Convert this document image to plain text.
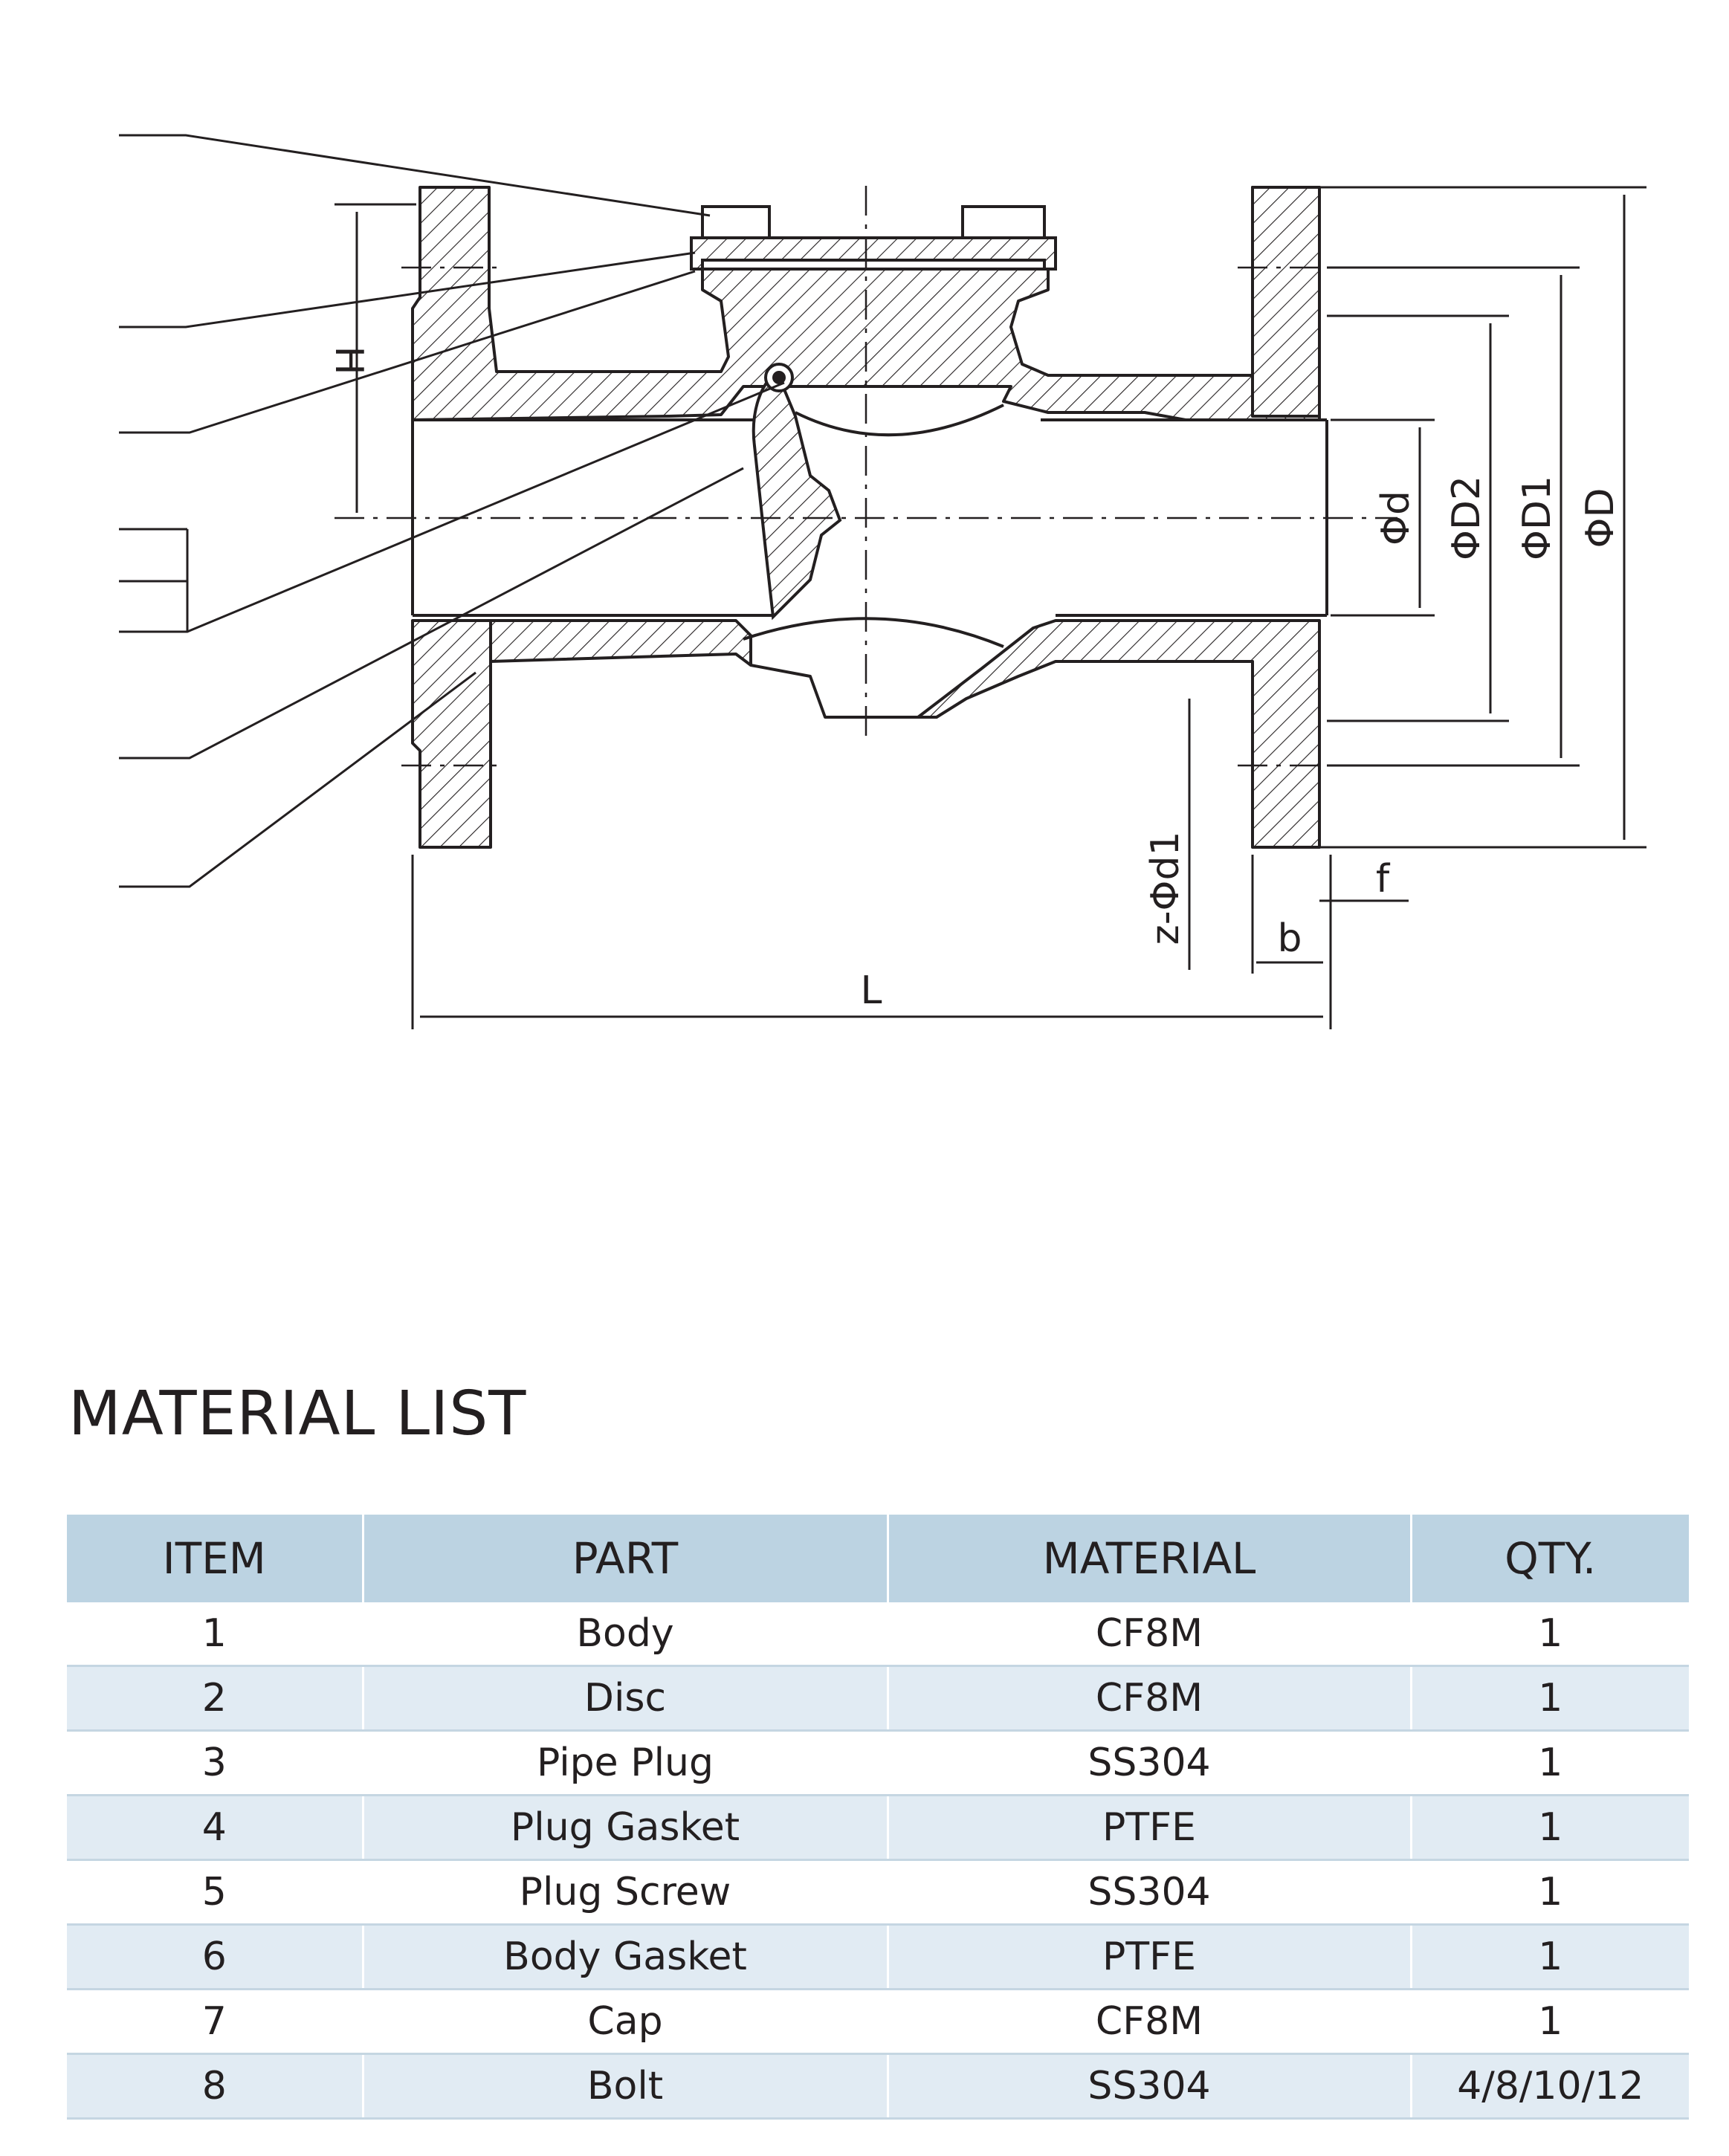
H
L
Φd ΦD2 ΦD1 ΦD
z-Φd1 b
f
MATERIAL LIST
ITEM	PART	MATERIAL	QTY.
1	Body	CF8M	1
2	Disc	CF8M	1
3	Pipe Plug	SS304	1
4	Plug Gasket	PTFE	1
5	Plug Screw	SS304	1
6	Body Gasket	PTFE	1
7	Cap	CF8M	1
8	Bolt	SS304	4/8/10/12
